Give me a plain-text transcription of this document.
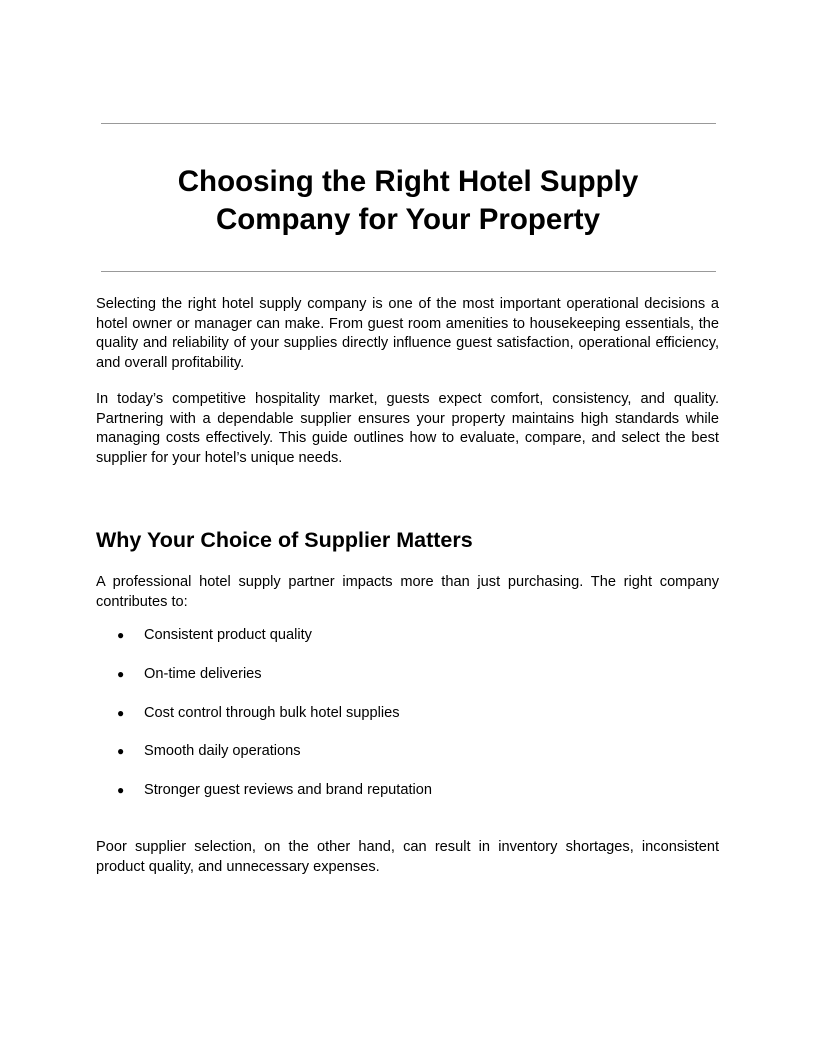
Choosing the Right Hotel Supply
Company for Your Property

Selecting the right hotel supply company is one of the most important operational decisions a hotel owner or manager can make. From guest room amenities to housekeeping essentials, the quality and reliability of your supplies directly influence guest satisfaction, operational efficiency, and overall profitability.

In today’s competitive hospitality market, guests expect comfort, consistency, and quality. Partnering with a dependable supplier ensures your property maintains high standards while managing costs effectively. This guide outlines how to evaluate, compare, and select the best supplier for your hotel’s unique needs.

Why Your Choice of Supplier Matters

A professional hotel supply partner impacts more than just purchasing. The right company contributes to:

● Consistent product quality
● On-time deliveries
● Cost control through bulk hotel supplies
● Smooth daily operations
● Stronger guest reviews and brand reputation

Poor supplier selection, on the other hand, can result in inventory shortages, inconsistent product quality, and unnecessary expenses.
